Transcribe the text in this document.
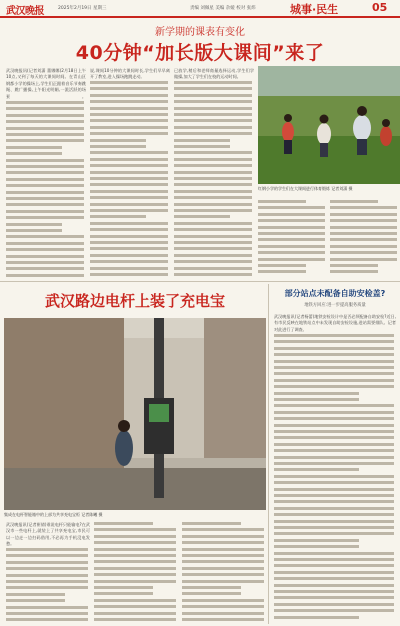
武汉晚报	2025年2月19日 星期三	责编 刘佩星 美编 杂媛 校对 张炜	城事·民生	05
新学期的课表有变化
40分钟“加长版大课间”来了
武汉晚报讯(记者刘潇 董娜娜)2月18日上午10点,又到了每天的大课间时间。在青山区钢都小学的操场上,学生们正跟着音乐节奏跳绳、跳广播操,上午阳光明媚,一派活跃的场景。
说,课间10分钟的大课间时长,学生们早早离开了教室,进入操场跑跳走动。
已放学,稍后和老师商量选择运动,学生们学做操,加大了学生们在校的运动时间。
红钢小学的学生们在大课间进行体育锻炼 记者刘潇 摄
武汉路边电杆上装了充电宝
集成在电杆智能箱中的上部为共享充电宝柜 记者陈曦 摄
武汉晚报讯(记者崔倩)谁说电杆只能输电?在武汉市一些电杆上,就装上了共享充电宝,市民可以一边走一边扫码借用,不必再为手机没电发愁。
部分站点未配备自助安检盖?
地铁方回应:进一步提高服务质量
武汉晚报讯(记者杨蕾)地铁安检设计中是否必须配备自助安检?近日,有市民反映在地铁站点中未发现自助安检设施,进站需要排队。记者对此进行了调查。
